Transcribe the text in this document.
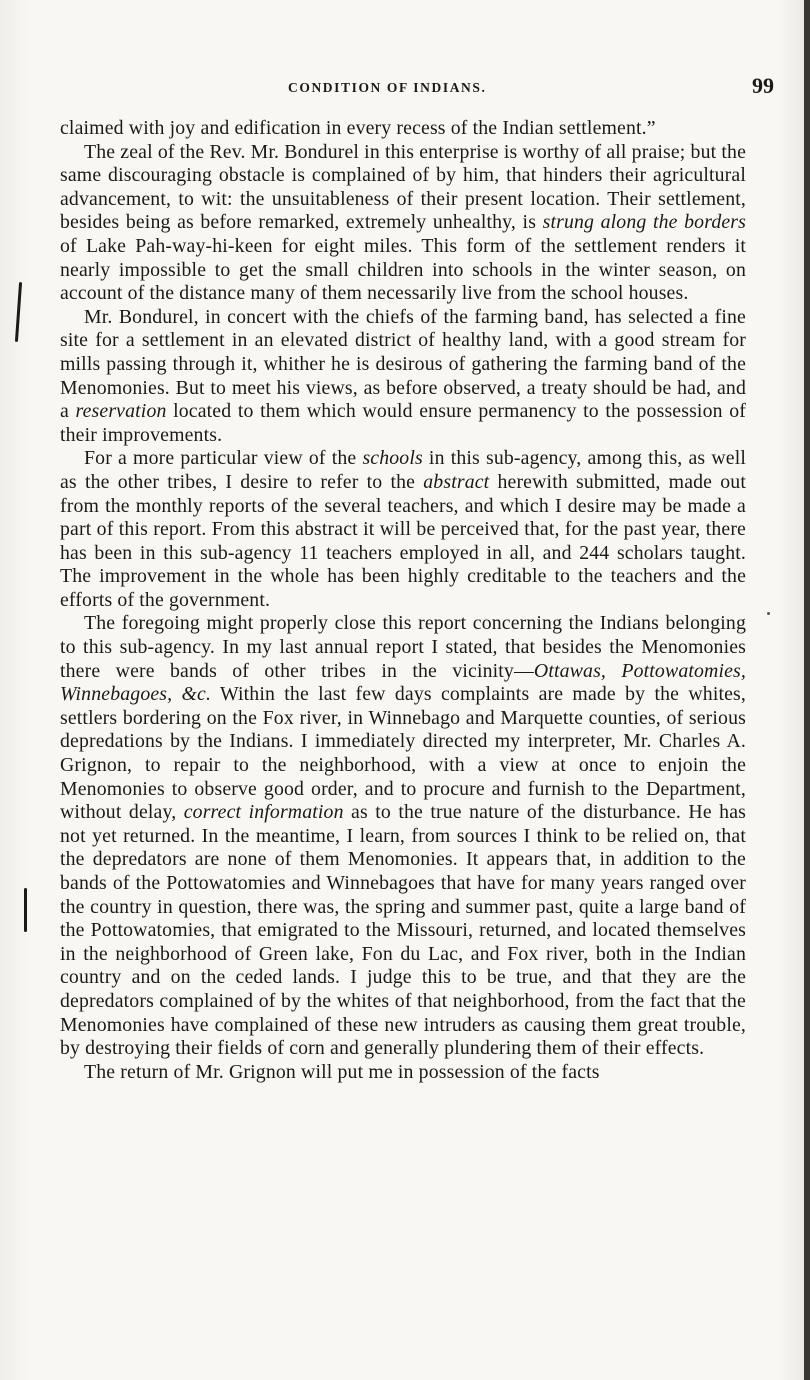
CONDITION OF INDIANS.	99

claimed with joy and edification in every recess of the Indian settlement.”

The zeal of the Rev. Mr. Bondurel in this enterprise is worthy of all praise; but the same discouraging obstacle is complained of by him, that hinders their agricultural advancement, to wit: the unsuitableness of their present location. Their settlement, besides being as before remarked, extremely unhealthy, is strung along the borders of Lake Pah-way-hi-keen for eight miles. This form of the settlement renders it nearly impossible to get the small children into schools in the winter season, on account of the distance many of them necessarily live from the school houses.

Mr. Bondurel, in concert with the chiefs of the farming band, has selected a fine site for a settlement in an elevated district of healthy land, with a good stream for mills passing through it, whither he is desirous of gathering the farming band of the Menomonies. But to meet his views, as before observed, a treaty should be had, and a reservation located to them which would ensure permanency to the possession of their improvements.

For a more particular view of the schools in this sub-agency, among this, as well as the other tribes, I desire to refer to the abstract herewith submitted, made out from the monthly reports of the several teachers, and which I desire may be made a part of this report. From this abstract it will be perceived that, for the past year, there has been in this sub-agency 11 teachers employed in all, and 244 scholars taught. The improvement in the whole has been highly creditable to the teachers and the efforts of the government.

The foregoing might properly close this report concerning the Indians belonging to this sub-agency. In my last annual report I stated, that besides the Menomonies there were bands of other tribes in the vicinity—Ottawas, Pottowatomies, Winnebagoes, &c. Within the last few days complaints are made by the whites, settlers bordering on the Fox river, in Winnebago and Marquette counties, of serious depredations by the Indians. I immediately directed my interpreter, Mr. Charles A. Grignon, to repair to the neighborhood, with a view at once to enjoin the Menomonies to observe good order, and to procure and furnish to the Department, without delay, correct information as to the true nature of the disturbance. He has not yet returned. In the meantime, I learn, from sources I think to be relied on, that the depredators are none of them Menomonies. It appears that, in addition to the bands of the Pottowatomies and Winnebagoes that have for many years ranged over the country in question, there was, the spring and summer past, quite a large band of the Pottowatomies, that emigrated to the Missouri, returned, and located themselves in the neighborhood of Green lake, Fon du Lac, and Fox river, both in the Indian country and on the ceded lands. I judge this to be true, and that they are the depredators complained of by the whites of that neighborhood, from the fact that the Menomonies have complained of these new intruders as causing them great trouble, by destroying their fields of corn and generally plundering them of their effects.

The return of Mr. Grignon will put me in possession of the facts
